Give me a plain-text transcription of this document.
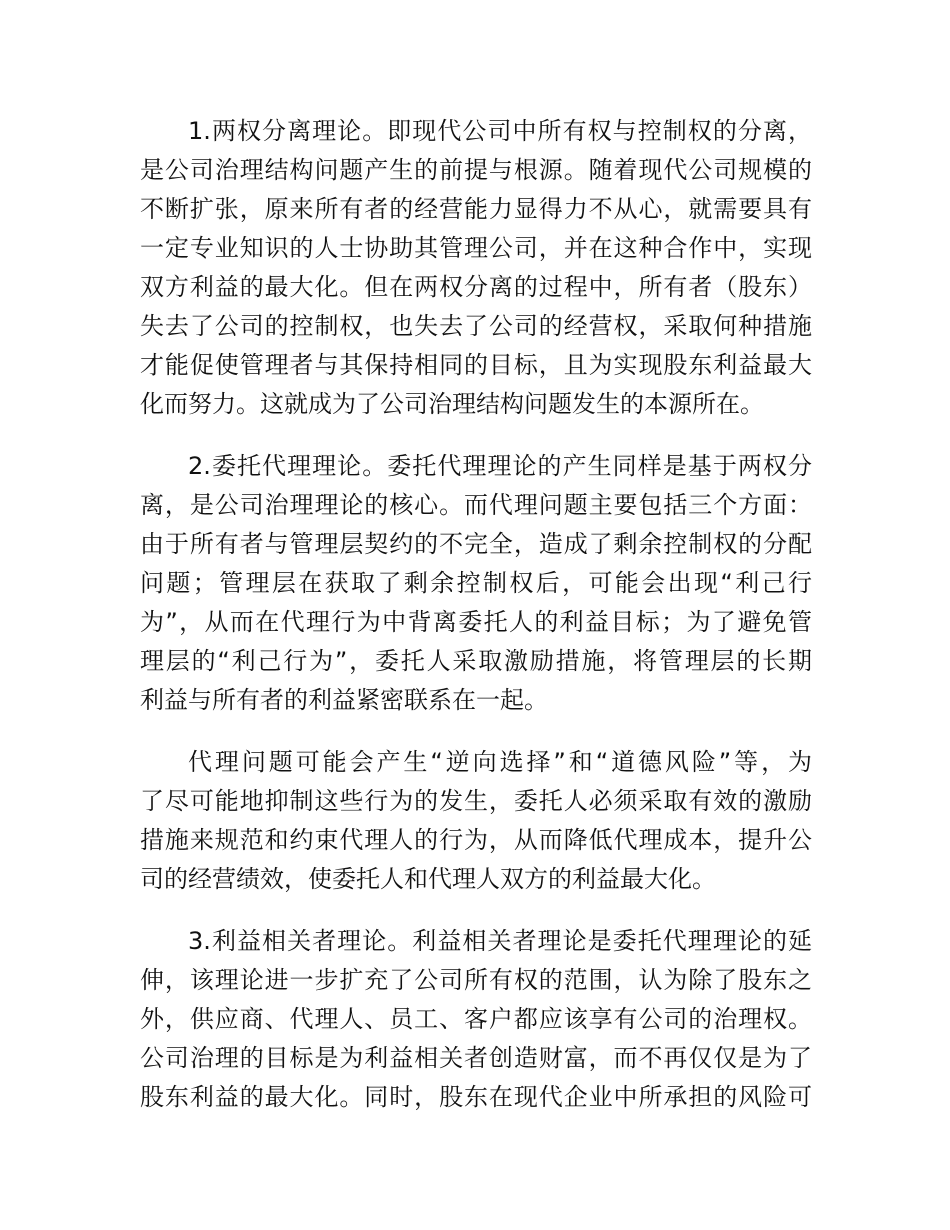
1.两权分离理论。即现代公司中所有权与控制权的分离，
是公司治理结构问题产生的前提与根源。随着现代公司规模的
不断扩张，原来所有者的经营能力显得力不从心，就需要具有
一定专业知识的人士协助其管理公司，并在这种合作中，实现
双方利益的最大化。但在两权分离的过程中，所有者（股东）
失去了公司的控制权，也失去了公司的经营权，采取何种措施
才能促使管理者与其保持相同的目标，且为实现股东利益最大
化而努力。这就成为了公司治理结构问题发生的本源所在。
2.委托代理理论。委托代理理论的产生同样是基于两权分
离，是公司治理理论的核心。而代理问题主要包括三个方面：
由于所有者与管理层契约的不完全，造成了剩余控制权的分配
问题；管理层在获取了剩余控制权后，可能会出现“利己行
为”，从而在代理行为中背离委托人的利益目标；为了避免管
理层的“利己行为”，委托人采取激励措施，将管理层的长期
利益与所有者的利益紧密联系在一起。
代理问题可能会产生“逆向选择”和“道德风险”等，为
了尽可能地抑制这些行为的发生，委托人必须采取有效的激励
措施来规范和约束代理人的行为，从而降低代理成本，提升公
司的经营绩效，使委托人和代理人双方的利益最大化。
3.利益相关者理论。利益相关者理论是委托代理理论的延
伸，该理论进一步扩充了公司所有权的范围，认为除了股东之
外，供应商、代理人、员工、客户都应该享有公司的治理权。
公司治理的目标是为利益相关者创造财富，而不再仅仅是为了
股东利益的最大化。同时，股东在现代企业中所承担的风险可
